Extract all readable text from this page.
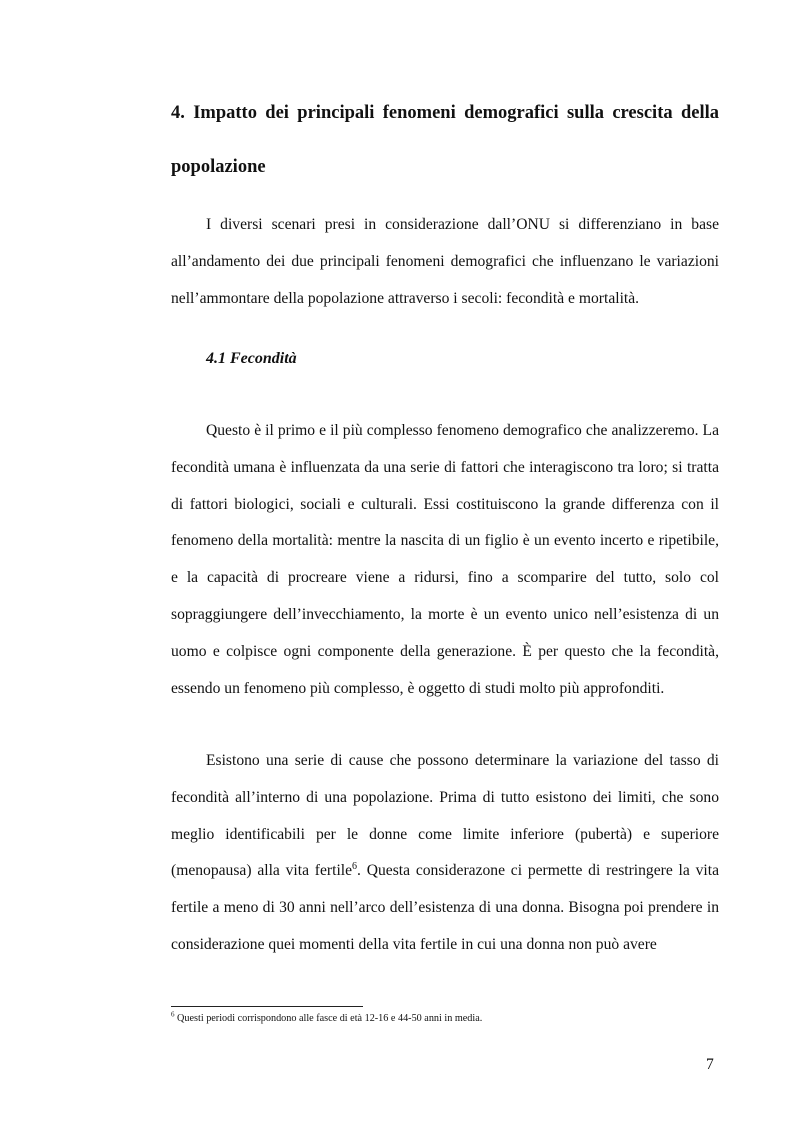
4. Impatto dei principali fenomeni demografici sulla crescita della popolazione

I diversi scenari presi in considerazione dall’ONU si differenziano in base all’andamento dei due principali fenomeni demografici che influenzano le variazioni nell’ammontare della popolazione attraverso i secoli: fecondità e mortalità.

4.1 Fecondità

Questo è il primo e il più complesso fenomeno demografico che analizzeremo. La fecondità umana è influenzata da una serie di fattori che interagiscono tra loro; si tratta di fattori biologici, sociali e culturali. Essi costituiscono la grande differenza con il fenomeno della mortalità: mentre la nascita di un figlio è un evento incerto e ripetibile, e la capacità di procreare viene a ridursi, fino a scomparire del tutto, solo col sopraggiungere dell’invecchiamento, la morte è un evento unico nell’esistenza di un uomo e colpisce ogni componente della generazione. È per questo che la fecondità, essendo un fenomeno più complesso, è oggetto di studi molto più approfonditi.

Esistono una serie di cause che possono determinare la variazione del tasso di fecondità all’interno di una popolazione. Prima di tutto esistono dei limiti, che sono meglio identificabili per le donne come limite inferiore (pubertà) e superiore (menopausa) alla vita fertile$^6$. Questa considerazone ci permette di restringere la vita fertile a meno di 30 anni nell’arco dell’esistenza di una donna. Bisogna poi prendere in considerazione quei momenti della vita fertile in cui una donna non può avere

$^6$ Questi periodi corrispondono alle fasce di età 12-16 e 44-50 anni in media.

7
